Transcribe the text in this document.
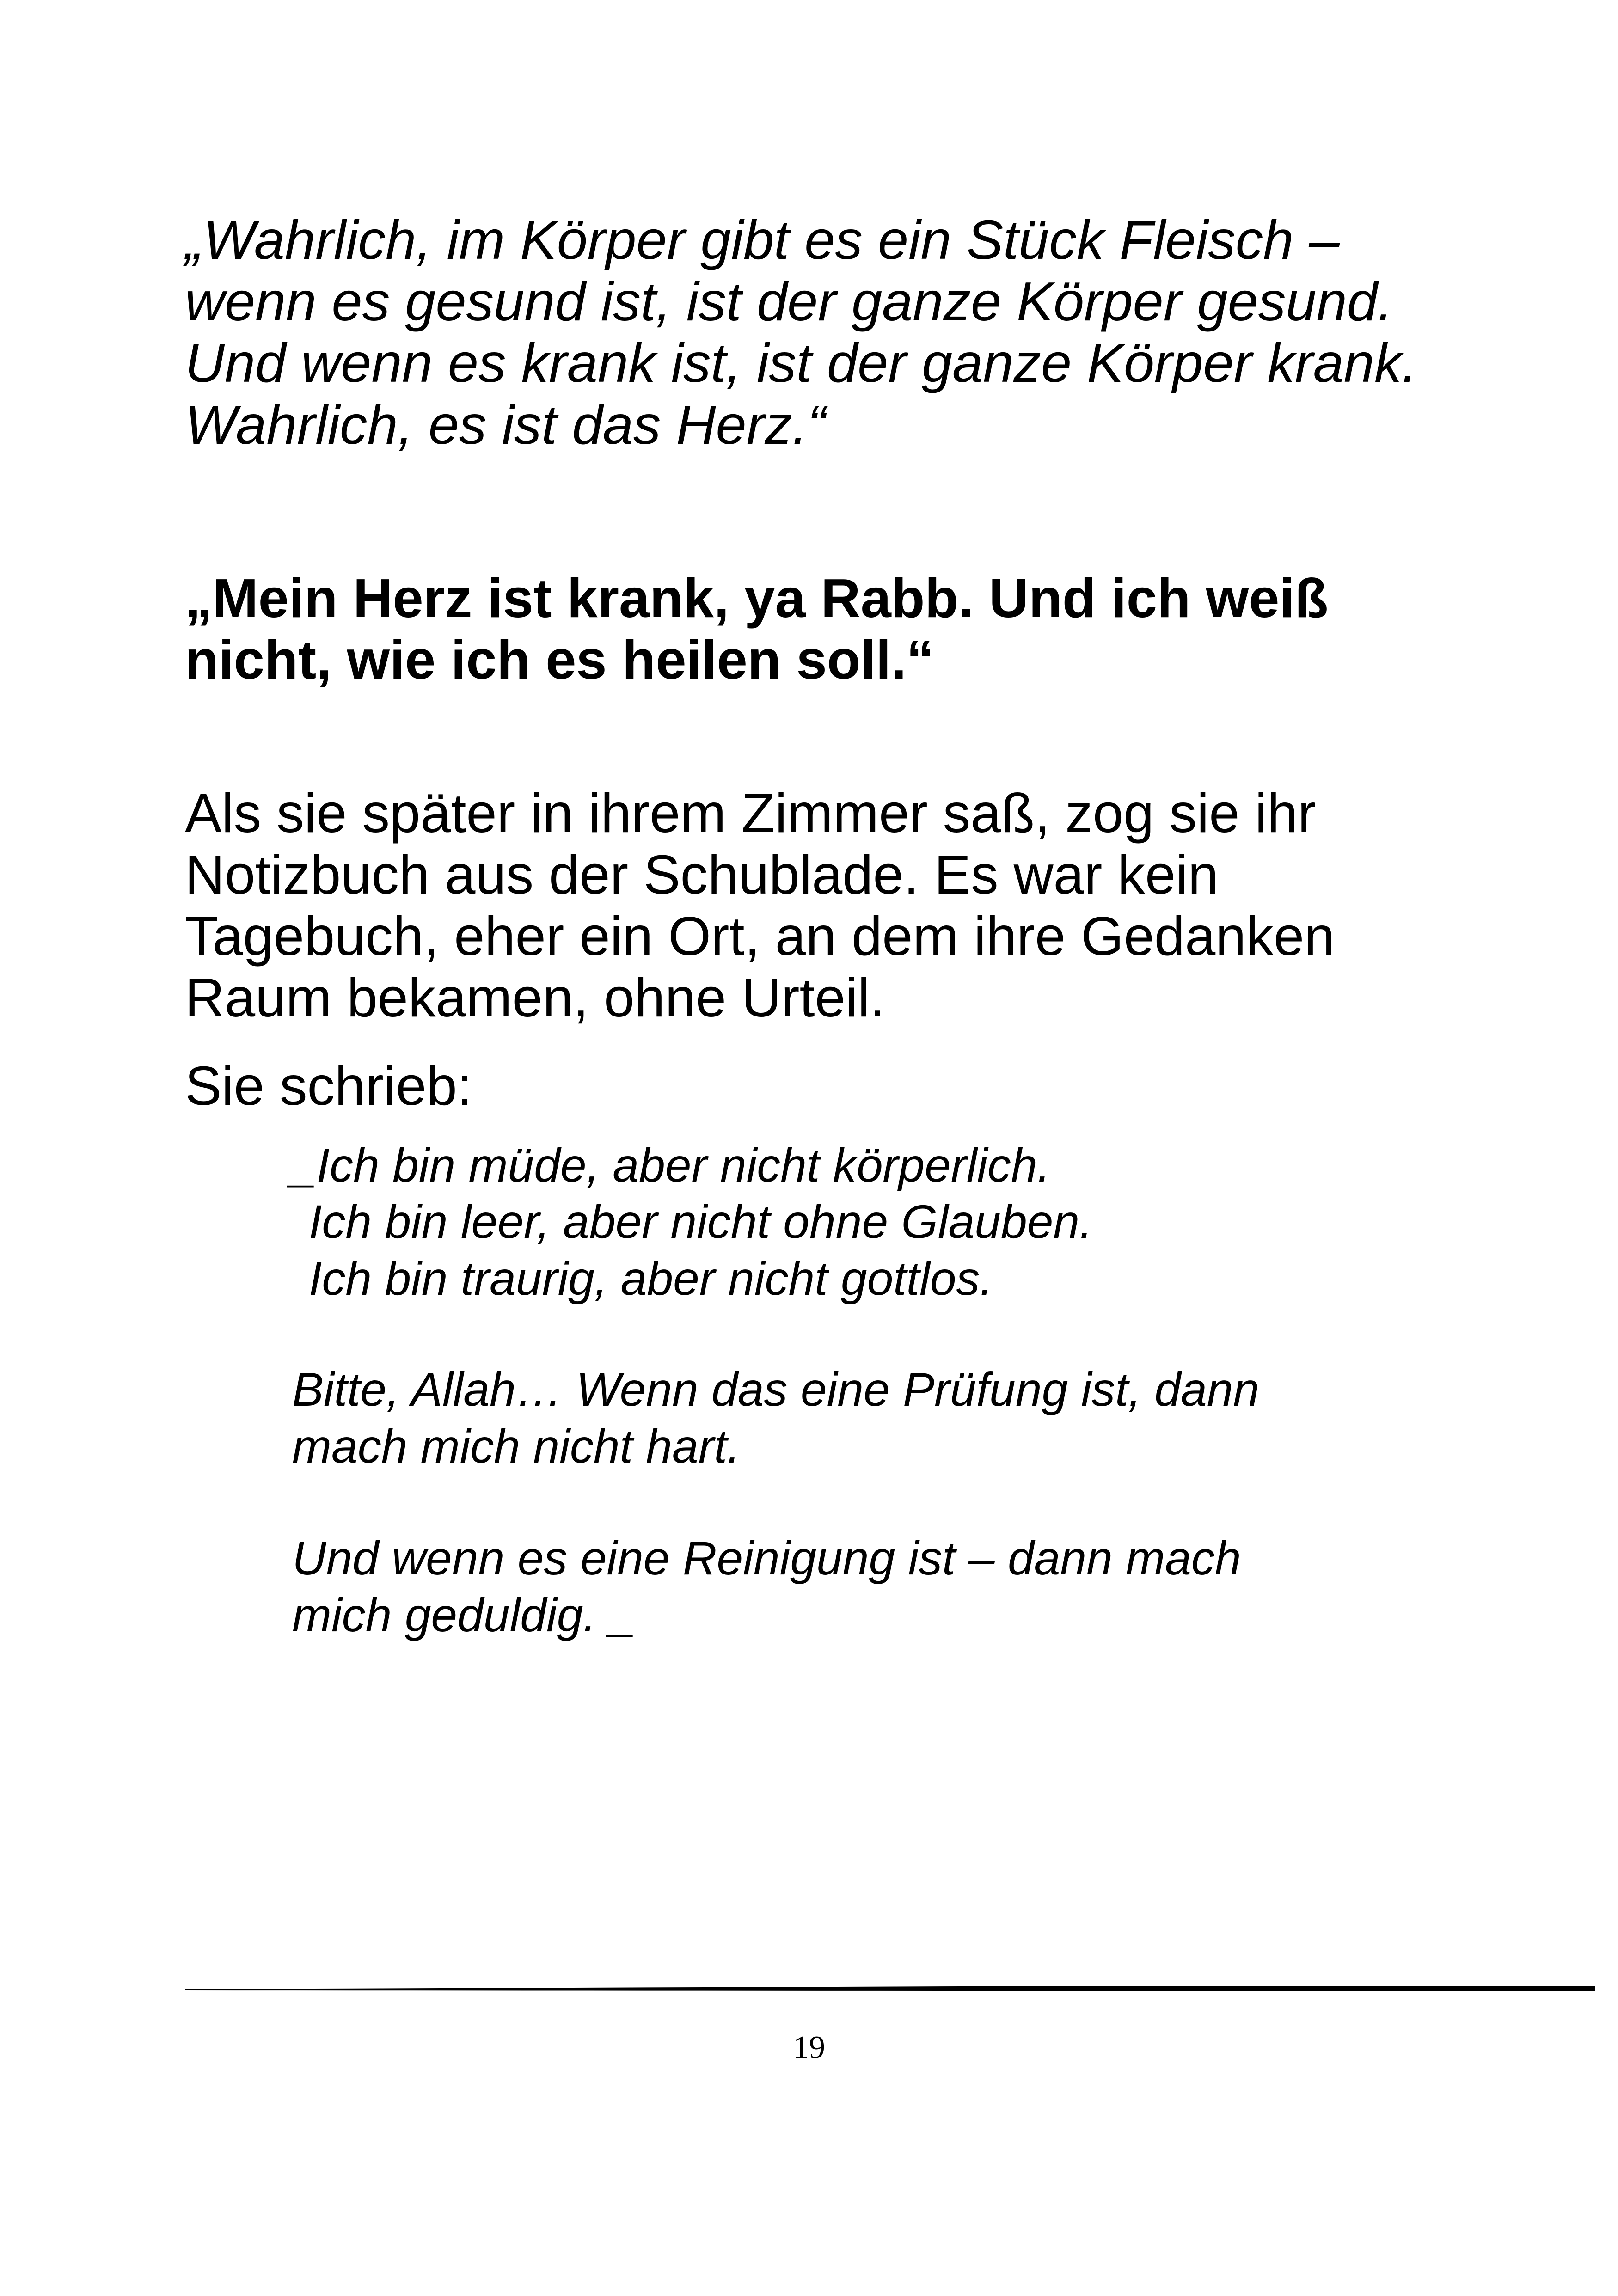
„Wahrlich, im Körper gibt es ein Stück Fleisch –

wenn es gesund ist, ist der ganze Körper gesund.

Und wenn es krank ist, ist der ganze Körper krank.

Wahrlich, es ist das Herz.“

„Mein Herz ist krank, ya Rabb. Und ich weiß

nicht, wie ich es heilen soll.“

Als sie später in ihrem Zimmer saß, zog sie ihr

Notizbuch aus der Schublade. Es war kein

Tagebuch, eher ein Ort, an dem ihre Gedanken

Raum bekamen, ohne Urteil.

Sie schrieb:

_Ich bin müde, aber nicht körperlich.

Ich bin leer, aber nicht ohne Glauben.

Ich bin traurig, aber nicht gottlos.

Bitte, Allah… Wenn das eine Prüfung ist, dann

mach mich nicht hart.

Und wenn es eine Reinigung ist – dann mach

mich geduldig. _

19
